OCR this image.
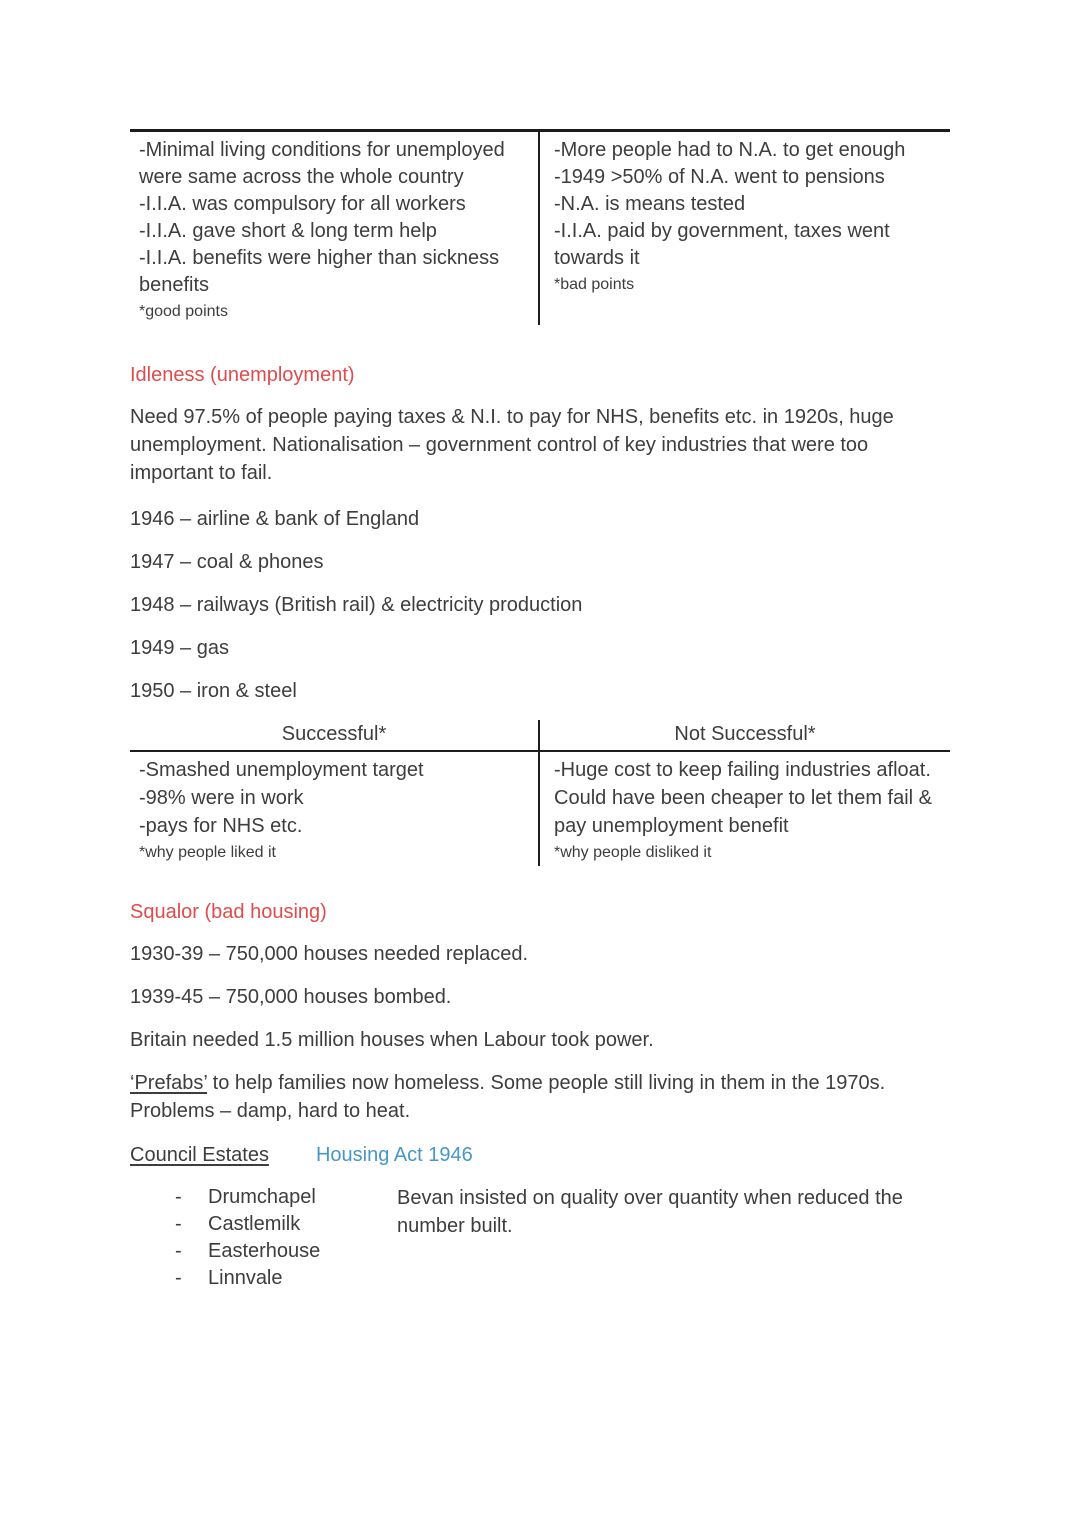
-Minimal living conditions for unemployed were same across the whole country
-I.I.A. was compulsory for all workers
-I.I.A. gave short & long term help
-I.I.A. benefits were higher than sickness benefits
*good points
-More people had to N.A. to get enough
-1949 >50% of N.A. went to pensions
-N.A. is means tested
-I.I.A. paid by government, taxes went towards it
*bad points
Idleness (unemployment)
Need 97.5% of people paying taxes & N.I. to pay for NHS, benefits etc. in 1920s, huge unemployment. Nationalisation – government control of key industries that were too important to fail.
1946 – airline & bank of England
1947 – coal & phones
1948 – railways (British rail) & electricity production
1949 – gas
1950 – iron & steel
Successful*
-Smashed unemployment target
-98% were in work
-pays for NHS etc.
*why people liked it
Not Successful*
-Huge cost to keep failing industries afloat. Could have been cheaper to let them fail & pay unemployment benefit
*why people disliked it
Squalor (bad housing)
1930-39 – 750,000 houses needed replaced.
1939-45 – 750,000 houses bombed.
Britain needed 1.5 million houses when Labour took power.
‘Prefabs’ to help families now homeless. Some people still living in them in the 1970s. Problems – damp, hard to heat.
Council Estates Housing Act 1946
- Drumchapel
- Castlemilk
- Easterhouse
- Linnvale
Bevan insisted on quality over quantity when reduced the number built.
